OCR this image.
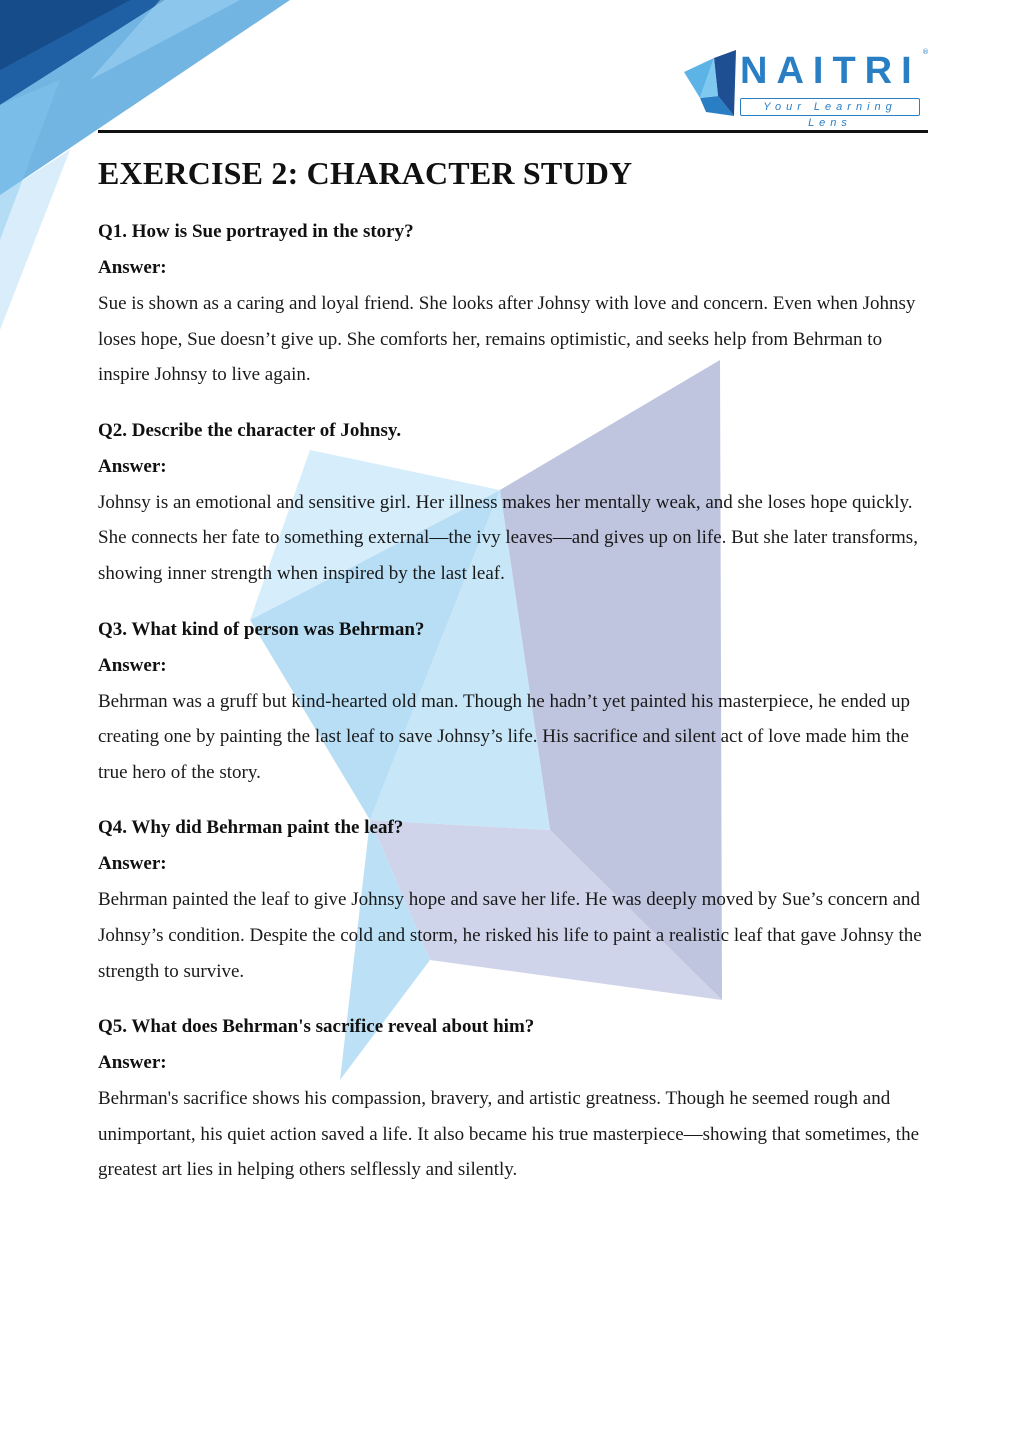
NAITRI ®
Your Learning Lens
EXERCISE 2: CHARACTER STUDY
Q1. How is Sue portrayed in the story?
Answer:
Sue is shown as a caring and loyal friend. She looks after Johnsy with love and concern. Even when Johnsy loses hope, Sue doesn’t give up. She comforts her, remains optimistic, and seeks help from Behrman to inspire Johnsy to live again.
Q2. Describe the character of Johnsy.
Answer:
Johnsy is an emotional and sensitive girl. Her illness makes her mentally weak, and she loses hope quickly. She connects her fate to something external—the ivy leaves—and gives up on life. But she later transforms, showing inner strength when inspired by the last leaf.
Q3. What kind of person was Behrman?
Answer:
Behrman was a gruff but kind-hearted old man. Though he hadn’t yet painted his masterpiece, he ended up creating one by painting the last leaf to save Johnsy’s life. His sacrifice and silent act of love made him the true hero of the story.
Q4. Why did Behrman paint the leaf?
Answer:
Behrman painted the leaf to give Johnsy hope and save her life. He was deeply moved by Sue’s concern and Johnsy’s condition. Despite the cold and storm, he risked his life to paint a realistic leaf that gave Johnsy the strength to survive.
Q5. What does Behrman's sacrifice reveal about him?
Answer:
Behrman's sacrifice shows his compassion, bravery, and artistic greatness. Though he seemed rough and unimportant, his quiet action saved a life. It also became his true masterpiece—showing that sometimes, the greatest art lies in helping others selflessly and silently.
